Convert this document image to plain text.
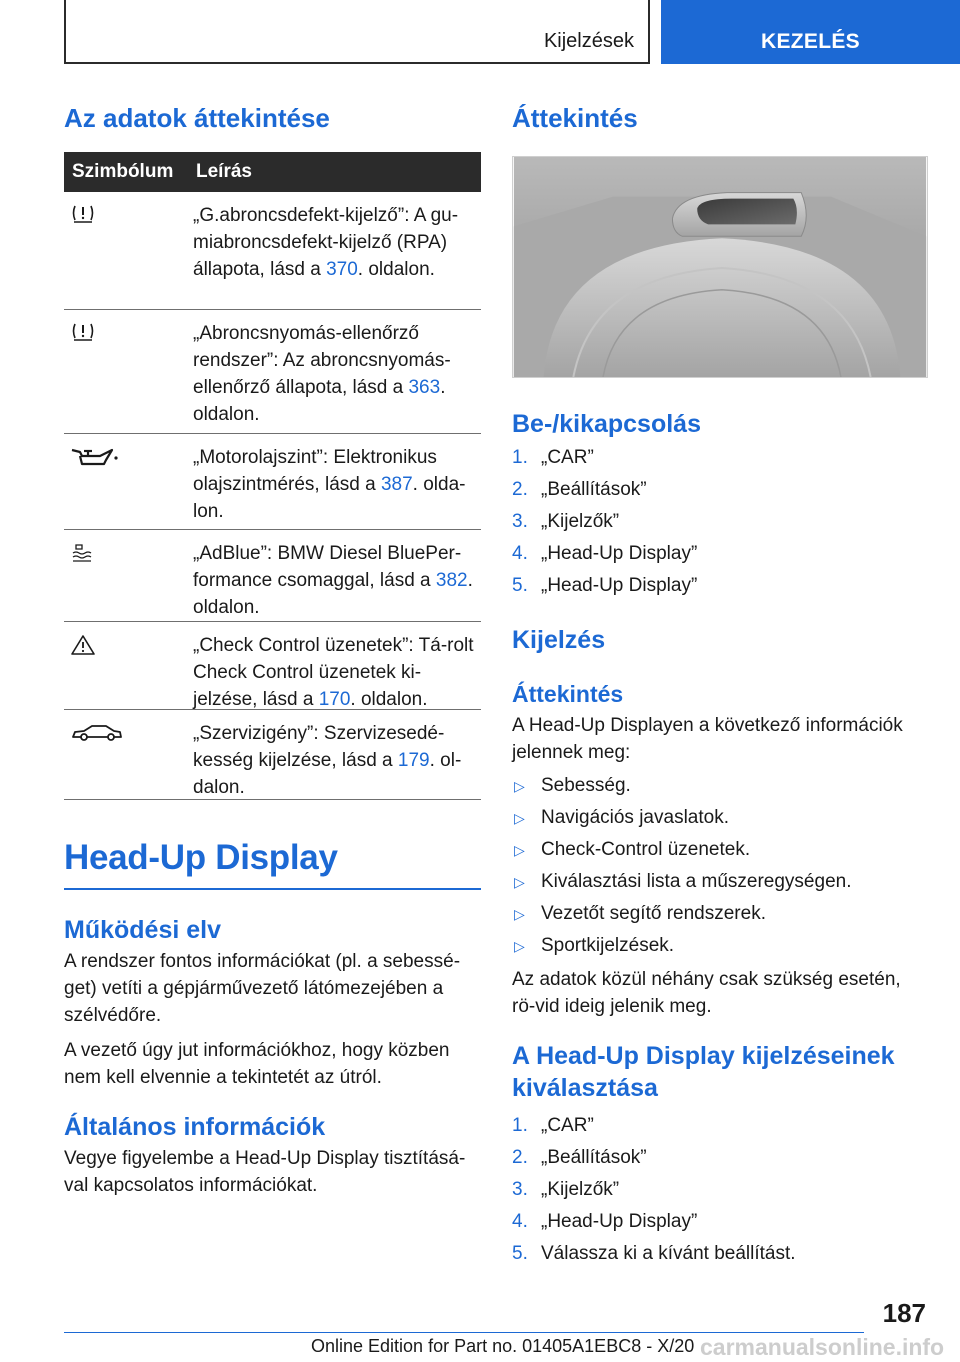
Kijelzések	KEZELÉS
Az adatok áttekintése
Szimbólum	Leírás
„G.abroncsdefekt-kijelző”: A gu-miabroncsdefekt-kijelző (RPA) állapota, lásd a 370. oldalon.
„Abroncsnyomás-ellenőrző rendszer”: Az abroncsnyomás-ellenőrző állapota, lásd a 363. oldalon.
„Motorolajszint”: Elektronikus olajszintmérés, lásd a 387. olda-lon.
„AdBlue”: BMW Diesel BluePer-formance csomaggal, lásd a 382. oldalon.
„Check Control üzenetek”: Tá-rolt Check Control üzenetek ki-jelzése, lásd a 170. oldalon.
„Szervizigény”: Szervizesedé-kesség kijelzése, lásd a 179. ol-dalon.
Head-Up Display
Működési elv

A rendszer fontos információkat (pl. a sebessé-get) vetíti a gépjárművezető látómezejében a szélvédőre.

A vezető úgy jut információkhoz, hogy közben nem kell elvennie a tekintetét az útról.

Általános információk

Vegye figyelembe a Head-Up Display tisztításá-val kapcsolatos információkat.

Áttekintés
Be-/kikapcsolás
1. „CAR”
2. „Beállítások”
3. „Kijelzők”
4. „Head-Up Display”
5. „Head-Up Display”
Kijelzés
Áttekintés

A Head-Up Displayen a következő információk jelennek meg:

▷ Sebesség.
▷ Navigációs javaslatok.
▷ Check-Control üzenetek.
▷ Kiválasztási lista a műszeregységen.
▷ Vezetőt segítő rendszerek.
▷ Sportkijelzések.

Az adatok közül néhány csak szükség esetén, rö-vid ideig jelenik meg.

A Head-Up Display kijelzéseinek kiválasztása
1. „CAR”
2. „Beállítások”
3. „Kijelzők”
4. „Head-Up Display”
5. Válassza ki a kívánt beállítást.
187
Online Edition for Part no. 01405A1EBC8 - X/20 carmanualsonline.info
